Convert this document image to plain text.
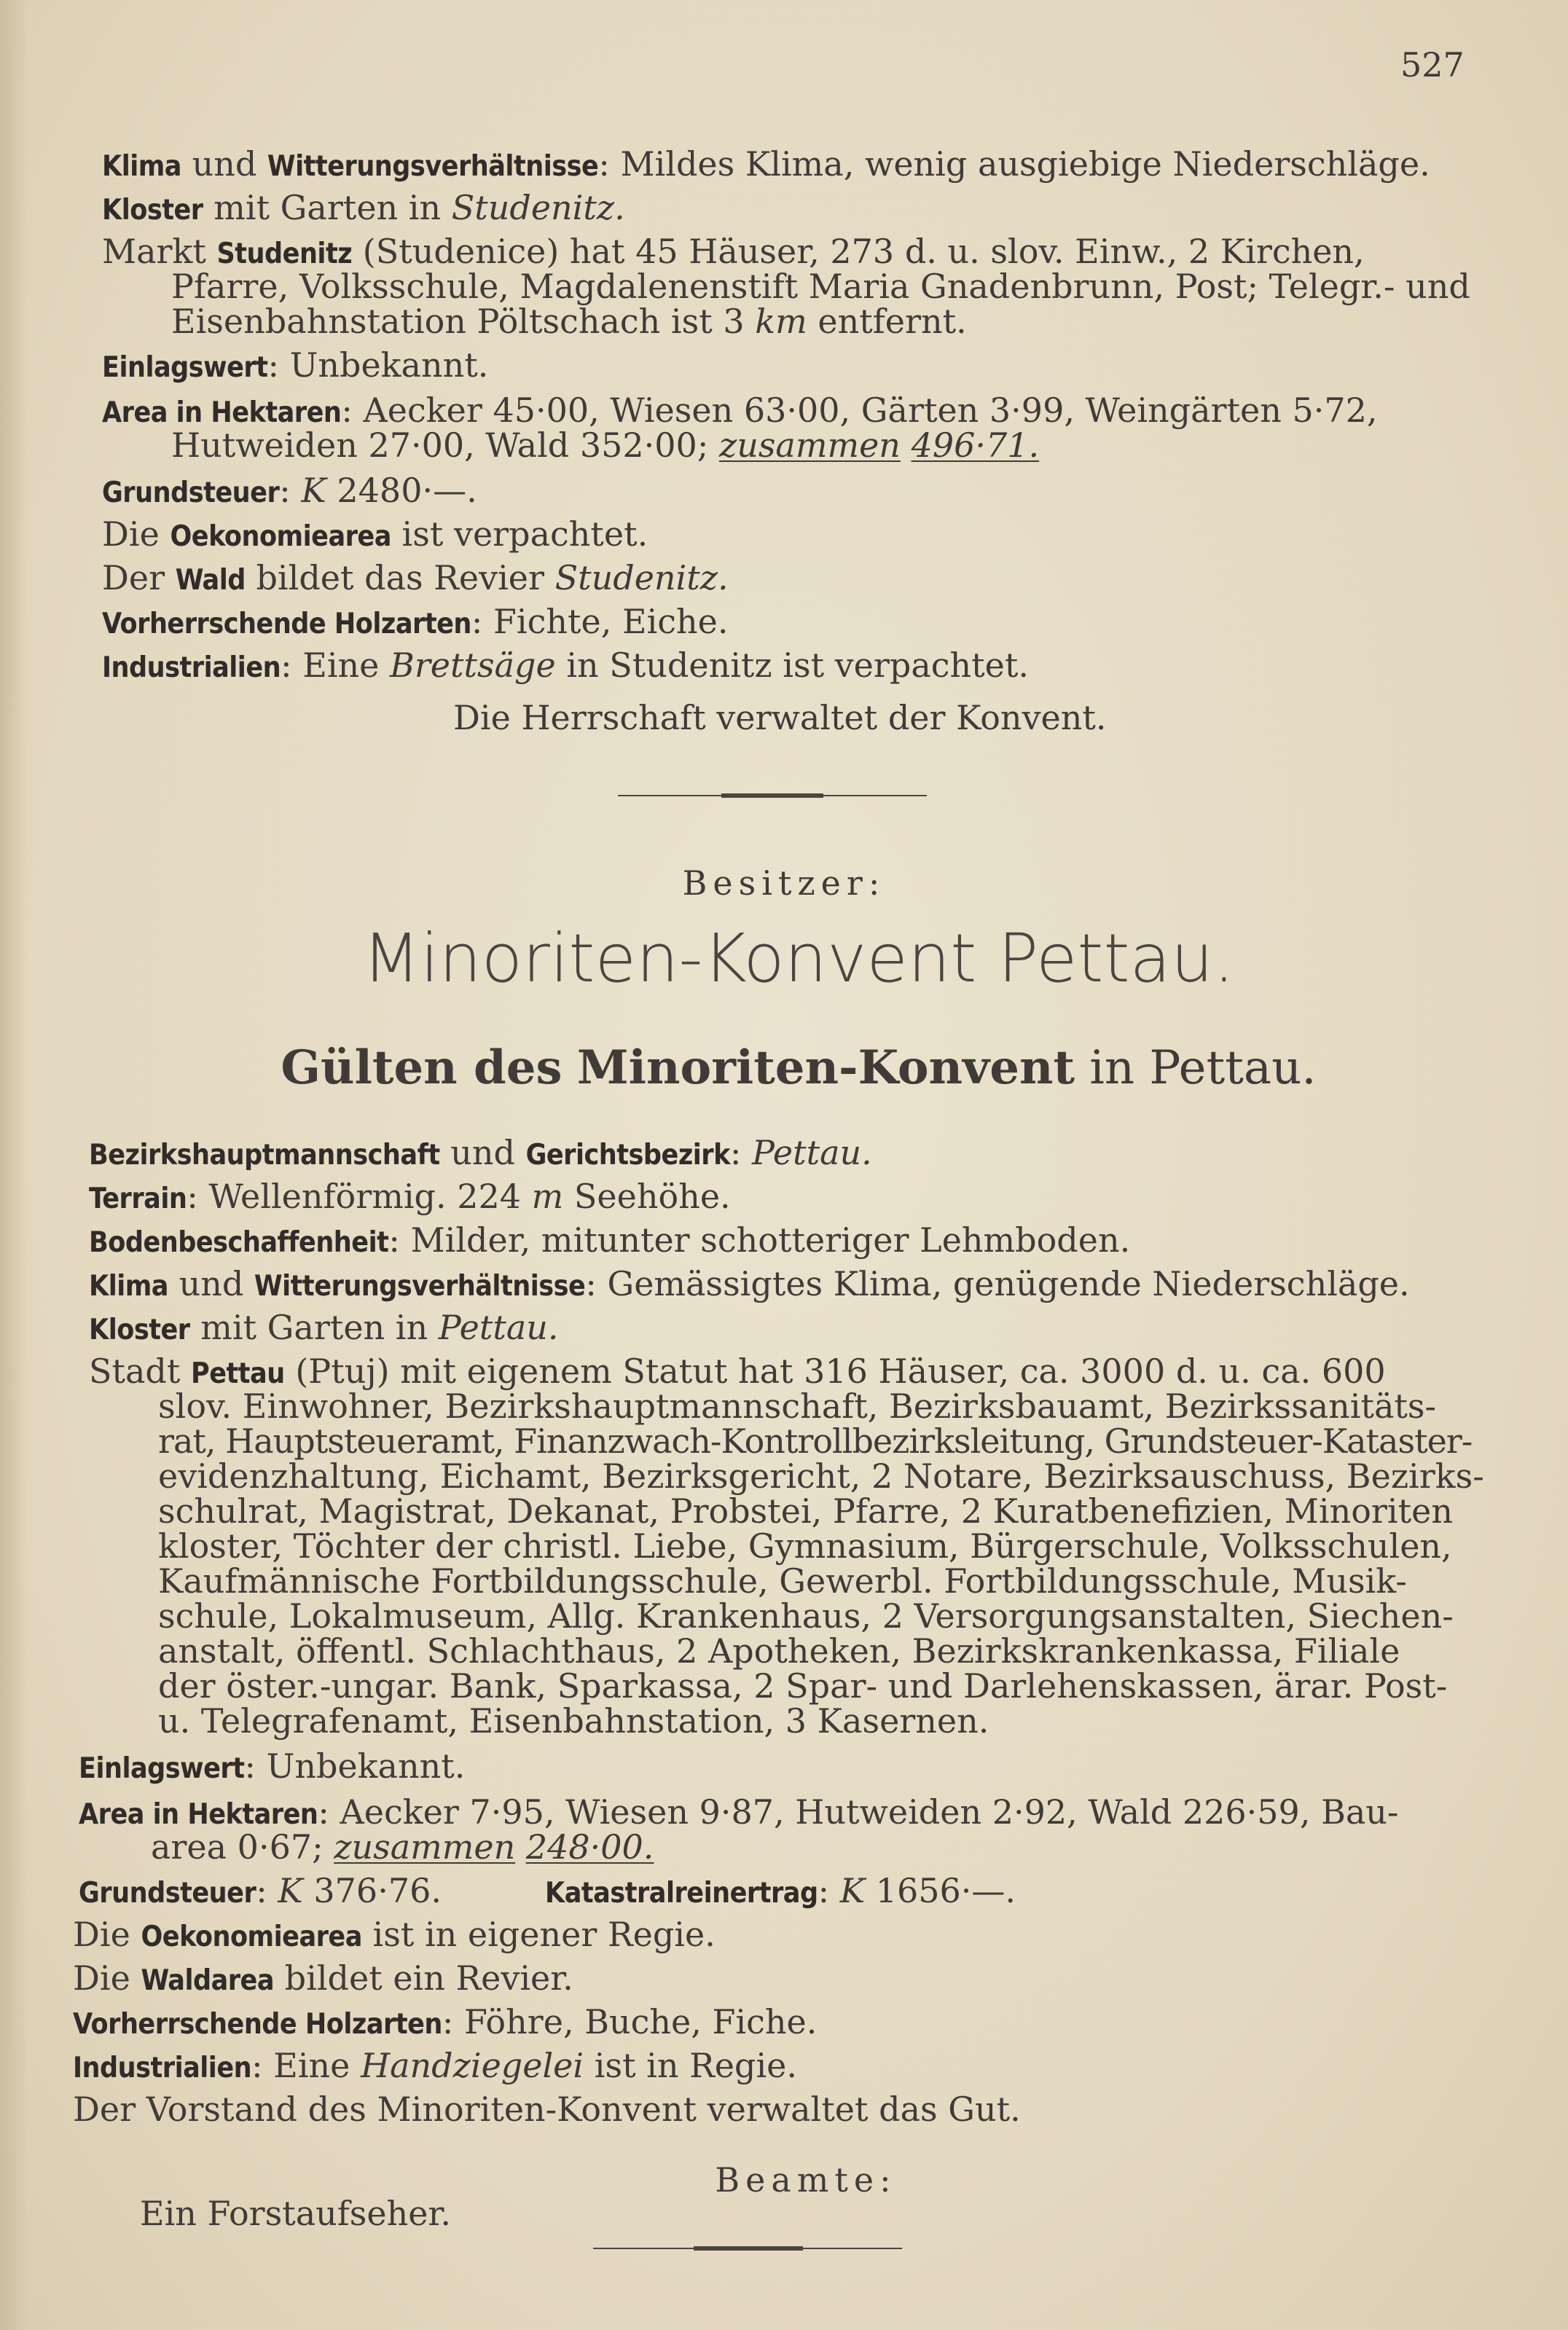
527
Klima und Witterungsverhältnisse: Mildes Klima, wenig ausgiebige Niederschläge.
Kloster mit Garten in Studenitz.
Markt Studenitz (Studenice) hat 45 Häuser, 273 d. u. slov. Einw., 2 Kirchen,
Pfarre, Volksschule, Magdalenenstift Maria Gnadenbrunn, Post; Telegr.- und
Eisenbahnstation Pöltschach ist 3 km entfernt.
Einlagswert: Unbekannt.
Area in Hektaren: Aecker 45·00, Wiesen 63·00, Gärten 3·99, Weingärten 5·72,
Hutweiden 27·00, Wald 352·00; zusammen 496·71.
Grundsteuer: K 2480·—.
Die Oekonomiearea ist verpachtet.
Der Wald bildet das Revier Studenitz.
Vorherrschende Holzarten: Fichte, Eiche.
Industrialien: Eine Brettsäge in Studenitz ist verpachtet.
Die Herrschaft verwaltet der Konvent.
Besitzer:
Minoriten-Konvent Pettau.
Gülten des Minoriten-Konvent in Pettau.
Bezirkshauptmannschaft und Gerichtsbezirk: Pettau.
Terrain: Wellenförmig. 224 m Seehöhe.
Bodenbeschaffenheit: Milder, mitunter schotteriger Lehmboden.
Klima und Witterungsverhältnisse: Gemässigtes Klima, genügende Niederschläge.
Kloster mit Garten in Pettau.
Stadt Pettau (Ptuj) mit eigenem Statut hat 316 Häuser, ca. 3000 d. u. ca. 600
slov. Einwohner, Bezirkshauptmannschaft, Bezirksbauamt, Bezirkssanitäts-
rat, Hauptsteueramt, Finanzwach-Kontrollbezirksleitung, Grundsteuer-Kataster-
evidenzhaltung, Eichamt, Bezirksgericht, 2 Notare, Bezirksauschuss, Bezirks-
schulrat, Magistrat, Dekanat, Probstei, Pfarre, 2 Kuratbenefizien, Minoriten
kloster, Töchter der christl. Liebe, Gymnasium, Bürgerschule, Volksschulen,
Kaufmännische Fortbildungsschule, Gewerbl. Fortbildungsschule, Musik-
schule, Lokalmuseum, Allg. Krankenhaus, 2 Versorgungsanstalten, Siechen-
anstalt, öffentl. Schlachthaus, 2 Apotheken, Bezirkskrankenkassa, Filiale
der öster.-ungar. Bank, Sparkassa, 2 Spar- und Darlehenskassen, ärar. Post-
u. Telegrafenamt, Eisenbahnstation, 3 Kasernen.
Einlagswert: Unbekannt.
Area in Hektaren: Aecker 7·95, Wiesen 9·87, Hutweiden 2·92, Wald 226·59, Bau-
area 0·67; zusammen 248·00.
Grundsteuer: K 376·76.	Katastralreinertrag: K 1656·—.
Die Oekonomiearea ist in eigener Regie.
Die Waldarea bildet ein Revier.
Vorherrschende Holzarten: Föhre, Buche, Fiche.
Industrialien: Eine Handziegelei ist in Regie.
Der Vorstand des Minoriten-Konvent verwaltet das Gut.
Beamte:
Ein Forstaufseher.
